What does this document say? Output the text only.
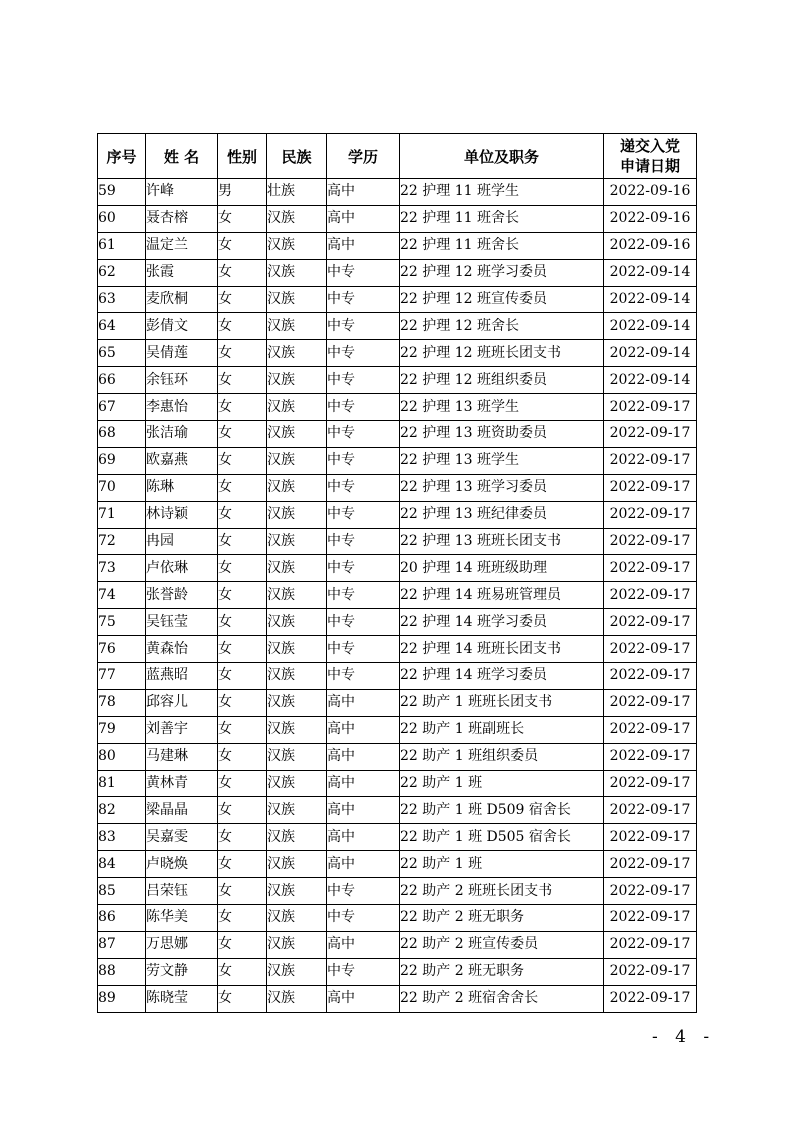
序号	姓 名	性别	民族	学历	单位及职务	递交入党
申请日期

59	许峰	男	壮族	高中	22 护理 11 班学生	2022-09-16
60	聂杏榕	女	汉族	高中	22 护理 11 班舍长	2022-09-16
61	温定兰	女	汉族	高中	22 护理 11 班舍长	2022-09-16
62	张霞	女	汉族	中专	22 护理 12 班学习委员	2022-09-14
63	麦欣桐	女	汉族	中专	22 护理 12 班宣传委员	2022-09-14
64	彭倩文	女	汉族	中专	22 护理 12 班舍长	2022-09-14
65	吴倩莲	女	汉族	中专	22 护理 12 班班长团支书	2022-09-14
66	余钰环	女	汉族	中专	22 护理 12 班组织委员	2022-09-14
67	李惠怡	女	汉族	中专	22 护理 13 班学生	2022-09-17
68	张洁瑜	女	汉族	中专	22 护理 13 班资助委员	2022-09-17
69	欧嘉燕	女	汉族	中专	22 护理 13 班学生	2022-09-17
70	陈琳	女	汉族	中专	22 护理 13 班学习委员	2022-09-17
71	林诗颖	女	汉族	中专	22 护理 13 班纪律委员	2022-09-17
72	冉园	女	汉族	中专	22 护理 13 班班长团支书	2022-09-17
73	卢依琳	女	汉族	中专	20 护理 14 班班级助理	2022-09-17
74	张誉龄	女	汉族	中专	22 护理 14 班易班管理员	2022-09-17
75	吴钰莹	女	汉族	中专	22 护理 14 班学习委员	2022-09-17
76	黄森怡	女	汉族	中专	22 护理 14 班班长团支书	2022-09-17
77	蓝燕昭	女	汉族	中专	22 护理 14 班学习委员	2022-09-17
78	邱容儿	女	汉族	高中	22 助产 1 班班长团支书	2022-09-17
79	刘善宇	女	汉族	高中	22 助产 1 班副班长	2022-09-17
80	马建琳	女	汉族	高中	22 助产 1 班组织委员	2022-09-17
81	黄林青	女	汉族	高中	22 助产 1 班	2022-09-17
82	梁晶晶	女	汉族	高中	22 助产 1 班 D509 宿舍长	2022-09-17
83	吴嘉雯	女	汉族	高中	22 助产 1 班 D505 宿舍长	2022-09-17
84	卢晓焕	女	汉族	高中	22 助产 1 班	2022-09-17
85	吕荣钰	女	汉族	中专	22 助产 2 班班长团支书	2022-09-17
86	陈华美	女	汉族	中专	22 助产 2 班无职务	2022-09-17
87	万思娜	女	汉族	高中	22 助产 2 班宣传委员	2022-09-17
88	劳文静	女	汉族	中专	22 助产 2 班无职务	2022-09-17
89	陈晓莹	女	汉族	高中	22 助产 2 班宿舍舍长	2022-09-17
- 4 -
